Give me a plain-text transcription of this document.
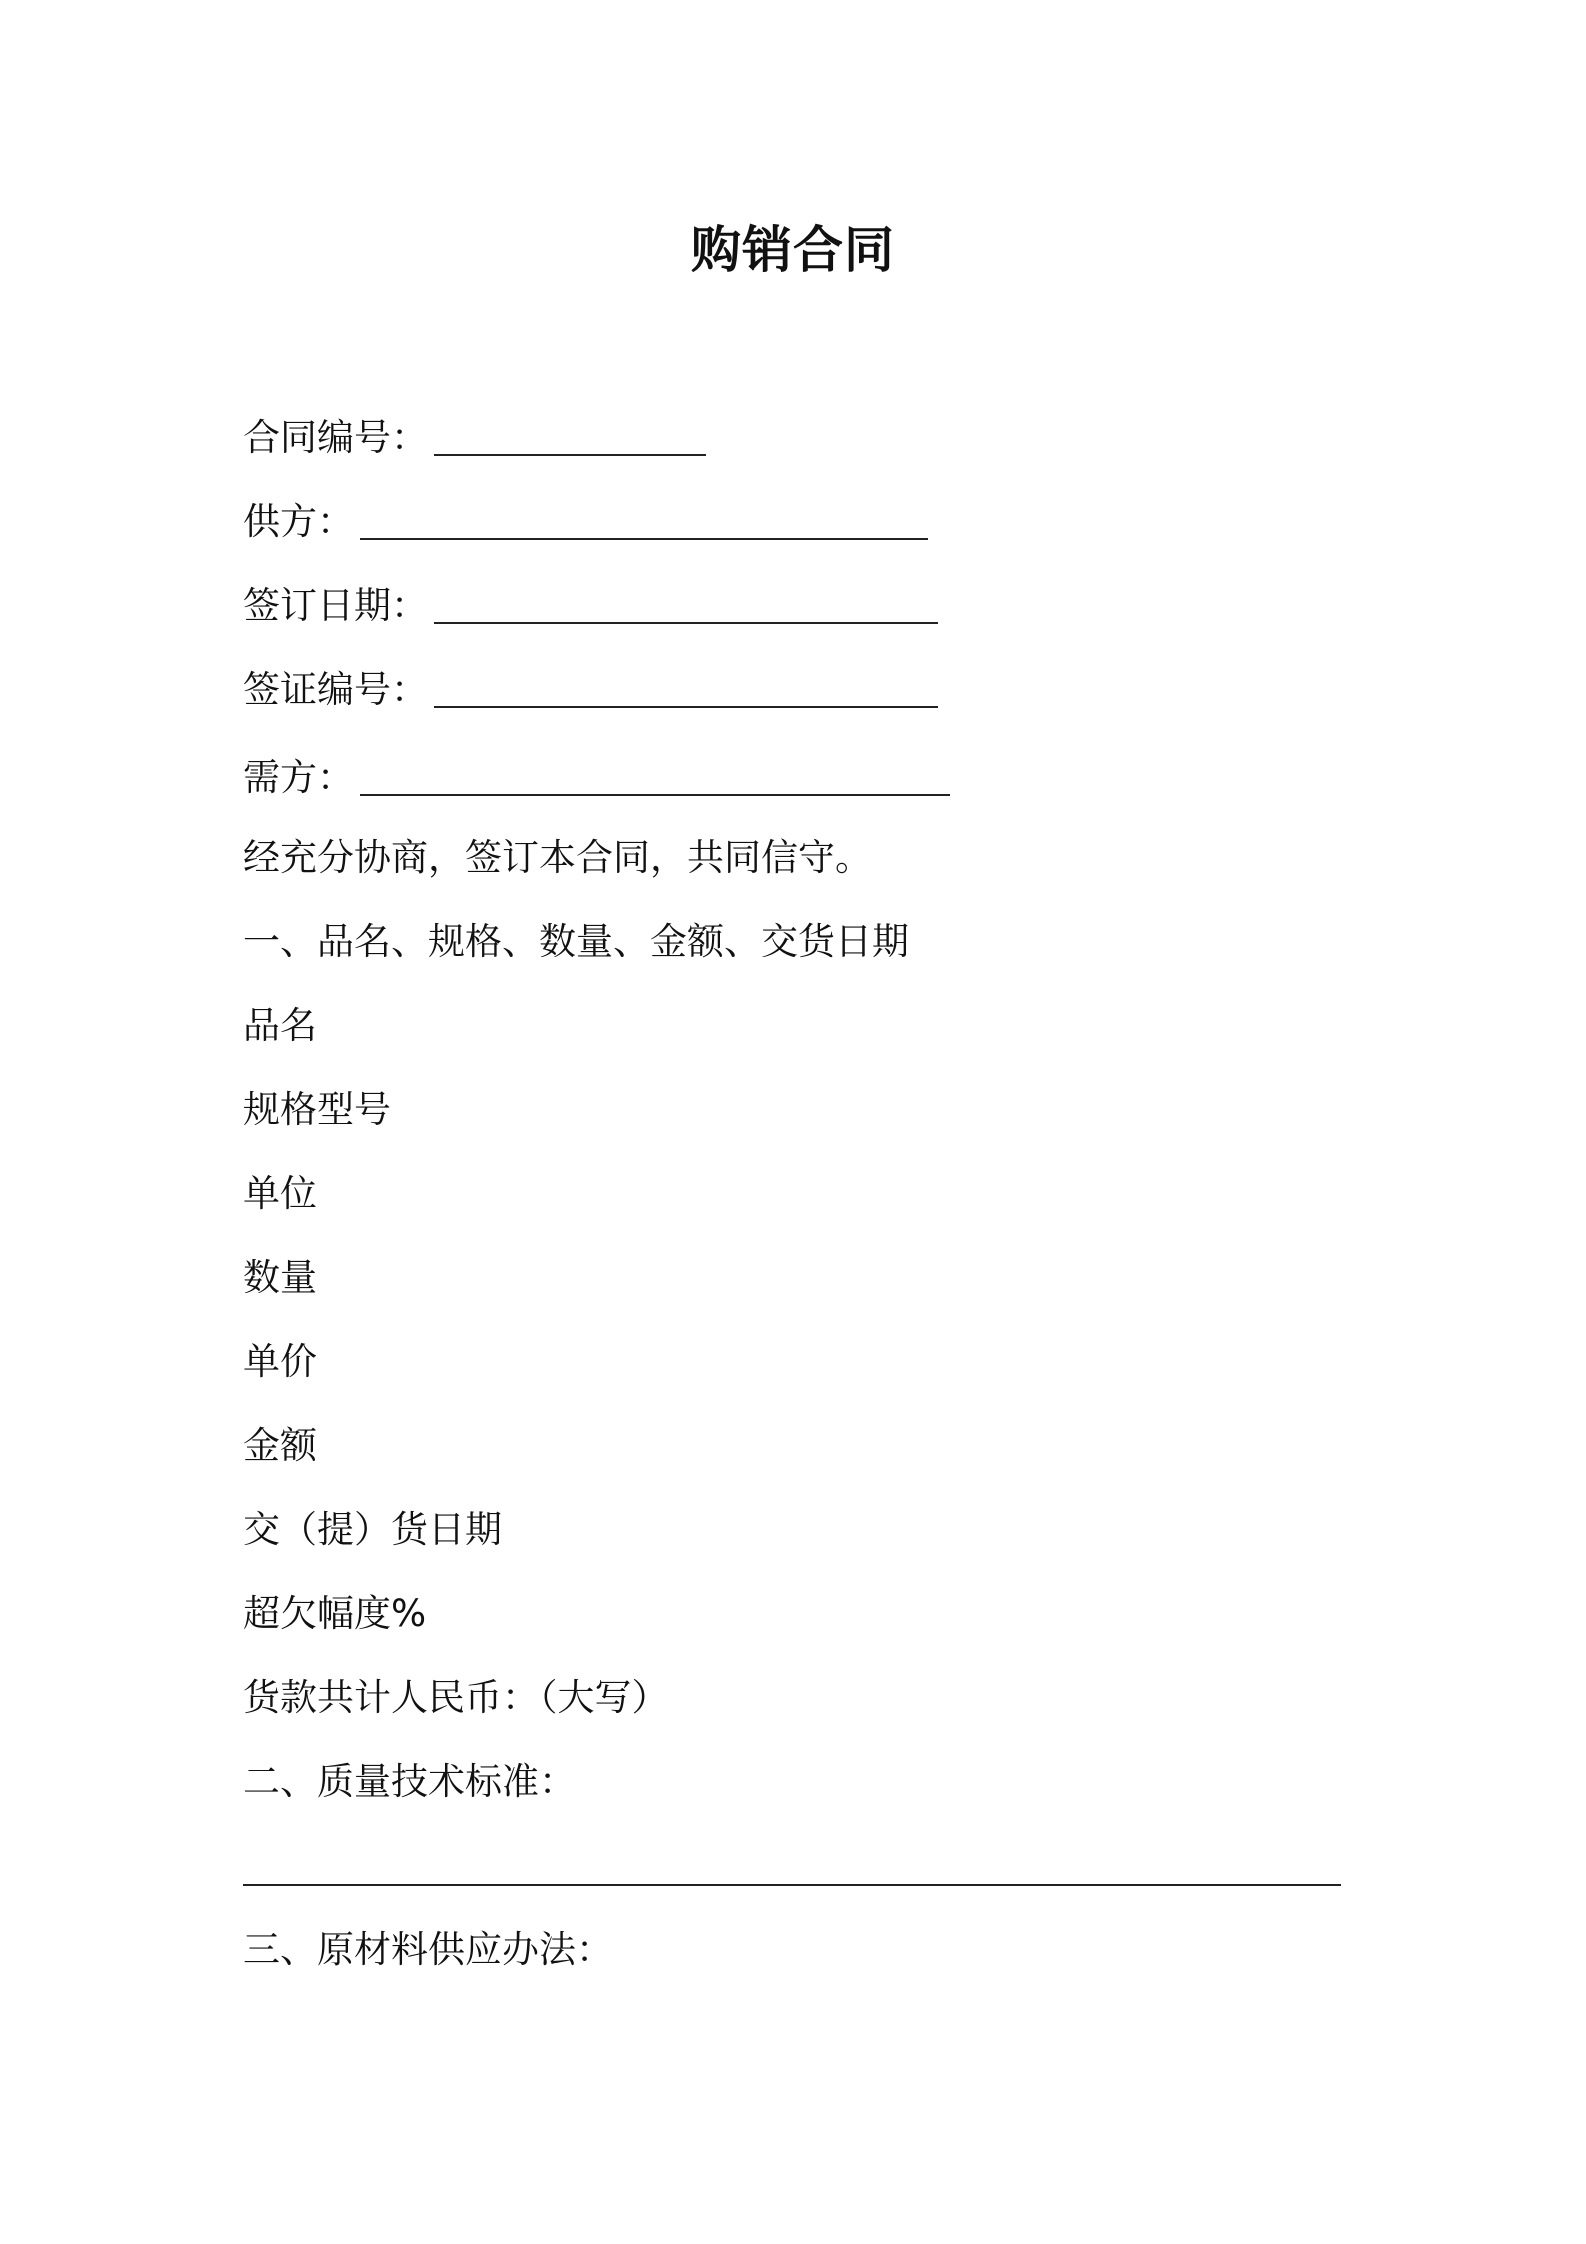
购销合同
合同编号：
供方：
签订日期：
签证编号：
需方：
经充分协商，签订本合同，共同信守。
一、品名、规格、数量、金额、交货日期
品名
规格型号
单位
数量
单价
金额
交（提）货日期
超欠幅度%
货款共计人民币：（大写）
二、质量技术标准：
三、原材料供应办法：
